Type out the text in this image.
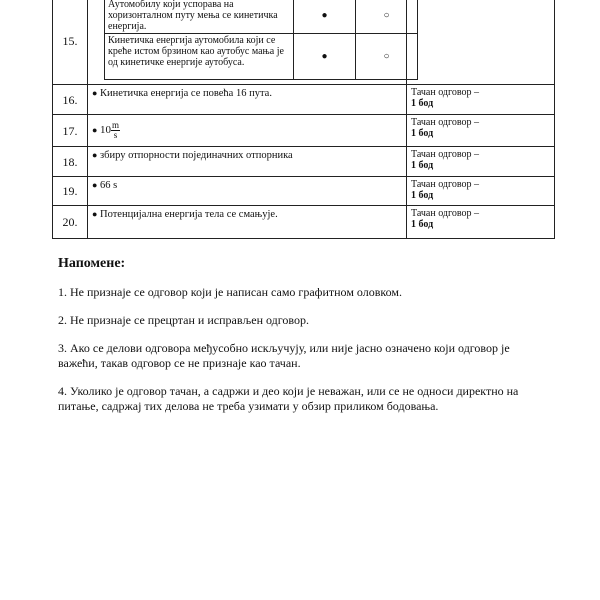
15.	
Аутомобилу који успорава на хоризонталном путу мења се кинетичка енергија.	●	○
Кинетичка енергија аутомобила који се креће истом брзином као аутобус мања је од кинетичке енергије аутобуса.	●	○

16.	● Кинетичка енергија се повећа 16 пута.	Тачан одговор –
1 бод

17.	● $10 \frac{m}{s}$	Тачан одговор –
1 бод

18.	● збиру отпорности појединачних отпорника	Тачан одговор –
1 бод

19.	● 66 s	Тачан одговор –
1 бод

20.	● Потенцијална енергија тела се смањује.	Тачан одговор –
1 бод
Напомене:

1. Не признаје се одговор који је написан само графитном оловком.

2. Не признаје се прецртан и исправљен одговор.

3. Ако се делови одговора међусобно искључују, или није јасно означено који одговор је важећи, такав одговор се не признаје као тачан.

4. Уколико је одговор тачан, а садржи и део који је неважан, или се не односи директно на питање, садржај тих делова не треба узимати у обзир приликом бодовања.
